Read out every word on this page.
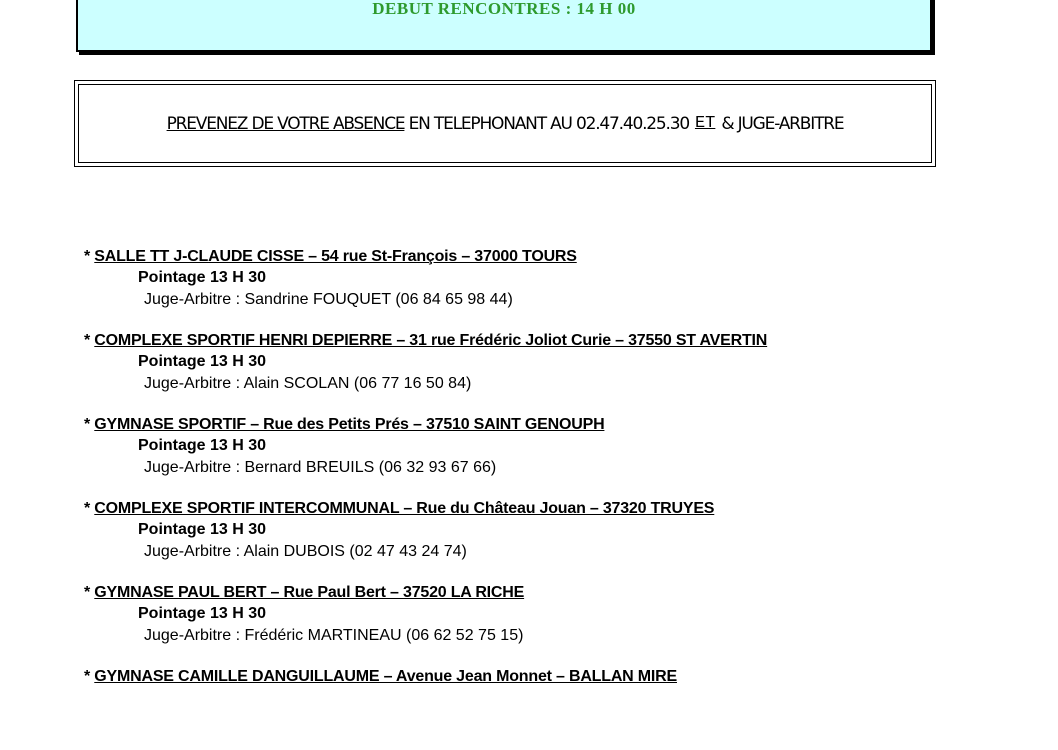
DEBUT RENCONTRES : 14 H 00
PREVENEZ DE VOTRE ABSENCE
EN TELEPHONANT AU 02.47.40.25.30 ET & JUGE-ARBITRE
* SALLE TT J-CLAUDE CISSE – 54 rue St-François – 37000 TOURS
Pointage 13 H 30
Juge-Arbitre : Sandrine FOUQUET (06 84 65 98 44)
* COMPLEXE SPORTIF HENRI DEPIERRE – 31 rue Frédéric Joliot Curie – 37550 ST AVERTIN
Pointage 13 H 30
Juge-Arbitre : Alain SCOLAN (06 77 16 50 84)
* GYMNASE SPORTIF – Rue des Petits Prés – 37510 SAINT GENOUPH
Pointage 13 H 30
Juge-Arbitre : Bernard BREUILS (06 32 93 67 66)
* COMPLEXE SPORTIF INTERCOMMUNAL – Rue du Château Jouan – 37320 TRUYES
Pointage 13 H 30
Juge-Arbitre : Alain DUBOIS (02 47 43 24 74)
* GYMNASE PAUL BERT – Rue Paul Bert – 37520 LA RICHE
Pointage 13 H 30
Juge-Arbitre : Frédéric MARTINEAU (06 62 52 75 15)
* GYMNASE CAMILLE DANGUILLAUME – Avenue Jean Monnet – BALLAN MIRE
